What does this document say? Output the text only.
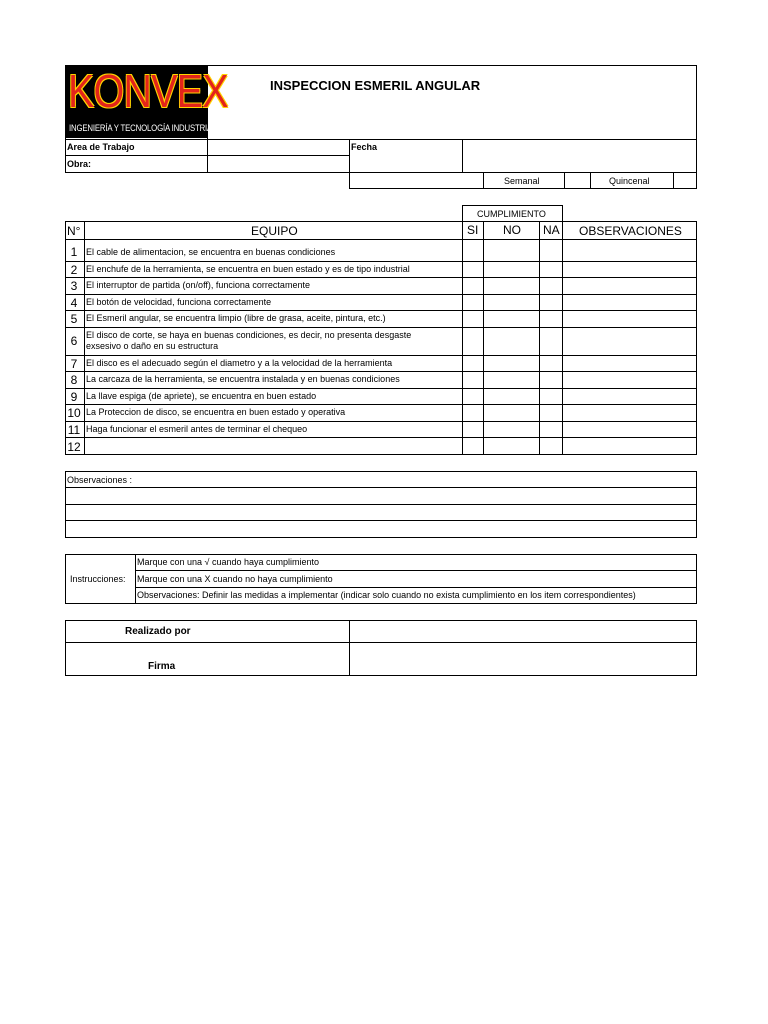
KONVEX
INGENIERÍA Y TECNOLOGÍA INDUSTRIAL
INSPECCION ESMERIL ANGULAR
Area de Trabajo
Obra:
Fecha
Semanal	Quincenal
CUMPLIMIENTO
N°	EQUIPO	SI NO NA OBSERVACIONES
1 El cable de alimentacion, se encuentra en buenas condiciones
2 El enchufe de la herramienta, se encuentra en buen estado y es de tipo industrial
3 El interruptor de partida (on/off), funciona correctamente
4 El botón de velocidad, funciona correctamente
5 El Esmeril angular, se encuentra limpio (libre de grasa, aceite, pintura, etc.)
6 El disco de corte, se haya en buenas condiciones, es decir, no presenta desgaste
exsesivo o daño en su estructura
7 El disco es el adecuado según el diametro y a la velocidad de la herramienta
8 La carcaza de la herramienta, se encuentra instalada y en buenas condiciones
9 La llave espiga (de apriete), se encuentra en buen estado
10 La Proteccion de disco, se encuentra en buen estado y operativa
11 Haga funcionar el esmeril antes de terminar el chequeo
12
Observaciones :
Instrucciones:
Marque con una √ cuando haya cumplimiento
Marque con una X cuando no haya cumplimiento
Observaciones: Definir las medidas a implementar (indicar solo cuando no exista cumplimiento en los item correspondientes)
Realizado por
Firma
